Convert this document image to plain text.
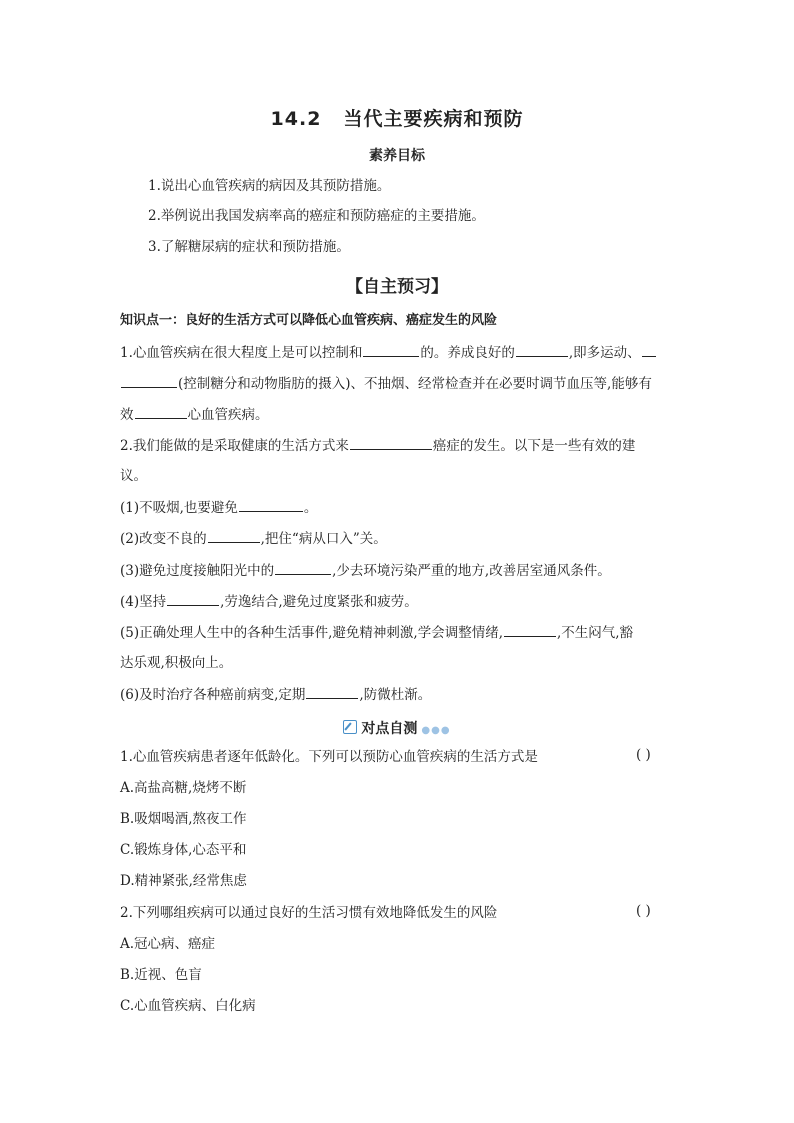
14.2 当代主要疾病和预防
素养目标
1.说出心血管疾病的病因及其预防措施。
2.举例说出我国发病率高的癌症和预防癌症的主要措施。
3.了解糖尿病的症状和预防措施。
【自主预习】
知识点一：良好的生活方式可以降低心血管疾病、癌症发生的风险
1.心血管疾病在很大程度上是可以控制和	的。养成良好的	,即多运动、
(控制糖分和动物脂肪的摄入)、不抽烟、经常检查并在必要时调节血压等,能够有
效	心血管疾病。
2.我们能做的是采取健康的生活方式来	癌症的发生。以下是一些有效的建
议。
(1)不吸烟,也要避免	。
(2)改变不良的	,把住“病从口入”关。
(3)避免过度接触阳光中的	,少去环境污染严重的地方,改善居室通风条件。
(4)坚持	,劳逸结合,避免过度紧张和疲劳。
(5)正确处理人生中的各种生活事件,避免精神刺激,学会调整情绪,	,不生闷气,豁
达乐观,积极向上。
(6)及时治疗各种癌前病变,定期	,防微杜渐。
对点自测 ●●●
1.心血管疾病患者逐年低龄化。下列可以预防心血管疾病的生活方式是	( )
A.高盐高糖,烧烤不断
B.吸烟喝酒,熬夜工作
C.锻炼身体,心态平和
D.精神紧张,经常焦虑
2.下列哪组疾病可以通过良好的生活习惯有效地降低发生的风险	( )
A.冠心病、癌症
B.近视、色盲
C.心血管疾病、白化病
